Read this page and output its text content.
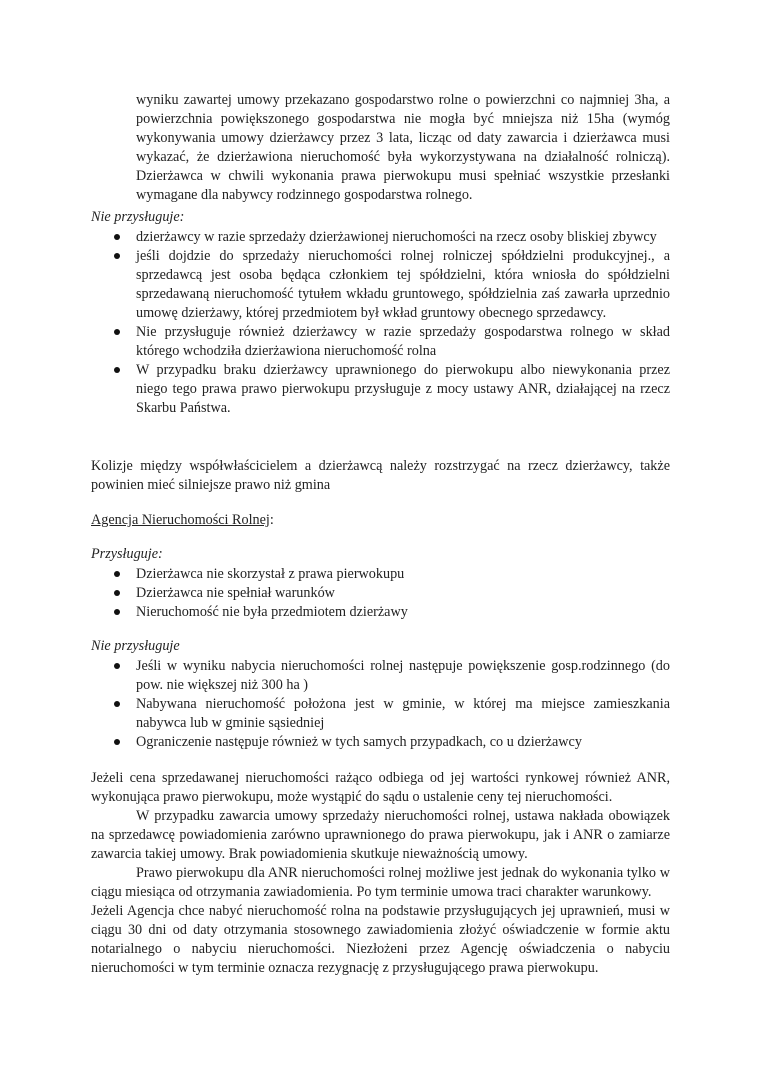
wyniku zawartej umowy przekazano gospodarstwo rolne o powierzchni co najmniej 3ha, a powierzchnia powiększonego gospodarstwa nie mogła być mniejsza niż 15ha (wymóg wykonywania umowy dzierżawcy przez 3 lata, licząc od daty zawarcia i dzierżawca musi wykazać, że dzierżawiona nieruchomość była wykorzystywana na działalność rolniczą). Dzierżawca w chwili wykonania prawa pierwokupu musi spełniać wszystkie przesłanki wymagane dla nabywcy rodzinnego gospodarstwa rolnego.

Nie przysługuje:
dzierżawcy w razie sprzedaży dzierżawionej nieruchomości na rzecz osoby bliskiej zbywcy
jeśli dojdzie do sprzedaży nieruchomości rolnej rolniczej spółdzielni produkcyjnej., a sprzedawcą jest osoba będąca członkiem tej spółdzielni, która wniosła do spółdzielni sprzedawaną nieruchomość tytułem wkładu gruntowego, spółdzielnia zaś zawarła uprzednio umowę dzierżawy, której przedmiotem był wkład gruntowy obecnego sprzedawcy.
Nie przysługuje również dzierżawcy w razie sprzedaży gospodarstwa rolnego w skład którego wchodziła dzierżawiona nieruchomość rolna
W przypadku braku dzierżawcy uprawnionego do pierwokupu albo niewykonania przez niego tego prawa prawo pierwokupu przysługuje z mocy ustawy ANR, działającej na rzecz Skarbu Państwa.

Kolizje między współwłaścicielem a dzierżawcą należy rozstrzygać na rzecz dzierżawcy, także powinien mieć silniejsze prawo niż gmina

Agencja Nieruchomości Rolnej:
Przysługuje:
Dzierżawca nie skorzystał z prawa pierwokupu
Dzierżawca nie spełniał warunków
Nieruchomość nie była przedmiotem dzierżawy
Nie przysługuje
Jeśli w wyniku nabycia nieruchomości rolnej następuje powiększenie gosp.rodzinnego (do pow. nie większej niż 300 ha )
Nabywana nieruchomość położona jest w gminie, w której ma miejsce zamieszkania nabywca lub w gminie sąsiedniej
Ograniczenie następuje również w tych samych przypadkach, co u dzierżawcy

Jeżeli cena sprzedawanej nieruchomości rażąco odbiega od jej wartości rynkowej również ANR, wykonująca prawo pierwokupu, może wystąpić do sądu o ustalenie ceny tej nieruchomości.

W przypadku zawarcia umowy sprzedaży nieruchomości rolnej, ustawa nakłada obowiązek na sprzedawcę powiadomienia zarówno uprawnionego do prawa pierwokupu, jak i ANR o zamiarze zawarcia takiej umowy. Brak powiadomienia skutkuje nieważnością umowy.

Prawo pierwokupu dla ANR nieruchomości rolnej możliwe jest jednak do wykonania tylko w ciągu miesiąca od otrzymania zawiadomienia. Po tym terminie umowa traci charakter warunkowy.

Jeżeli Agencja chce nabyć nieruchomość rolna na podstawie przysługujących jej uprawnień, musi w ciągu 30 dni od daty otrzymania stosownego zawiadomienia złożyć oświadczenie w formie aktu notarialnego o nabyciu nieruchomości. Niezłożeni przez Agencję oświadczenia o nabyciu nieruchomości w tym terminie oznacza rezygnację z przysługującego prawa pierwokupu.
